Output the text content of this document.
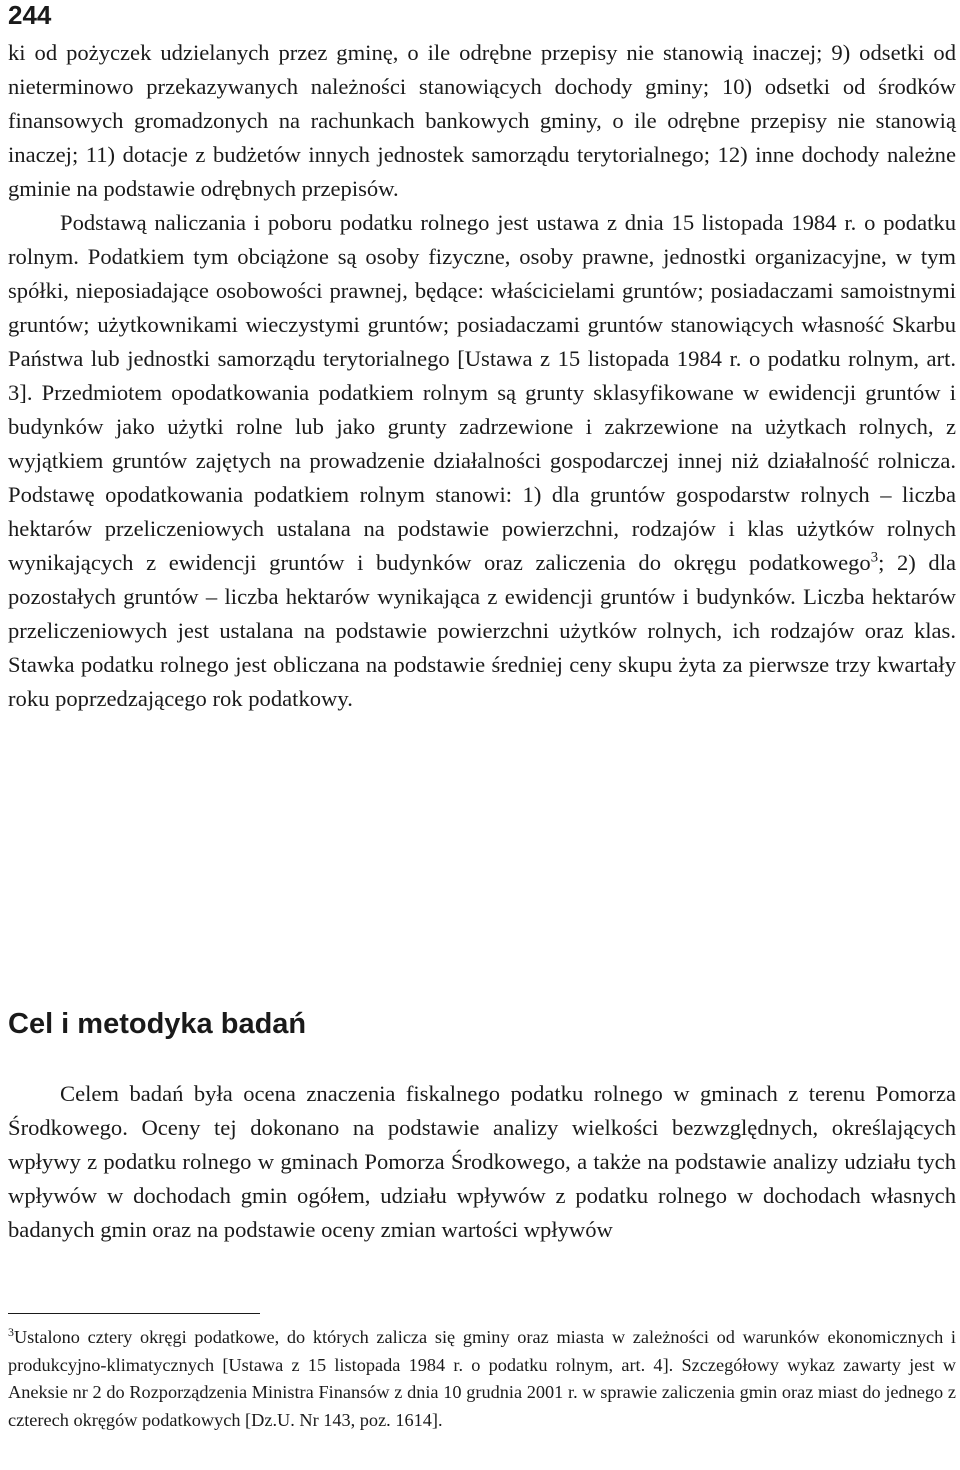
244

ki od pożyczek udzielanych przez gminę, o ile odrębne przepisy nie stanowią inaczej; 9) odsetki od nieterminowo przekazywanych należności stanowiących dochody gminy; 10) odsetki od środków finansowych gromadzonych na rachunkach bankowych gminy, o ile odrębne przepisy nie stanowią inaczej; 11) dotacje z budżetów innych jednostek samorządu terytorialnego; 12) inne dochody należne gminie na podstawie odrębnych przepisów.

Podstawą naliczania i poboru podatku rolnego jest ustawa z dnia 15 listopada 1984 r. o podatku rolnym. Podatkiem tym obciążone są osoby fizyczne, osoby prawne, jednostki organizacyjne, w tym spółki, nieposiadające osobowości prawnej, będące: właścicielami gruntów; posiadaczami samoistnymi gruntów; użytkownikami wieczystymi gruntów; posiadaczami gruntów stanowiących własność Skarbu Państwa lub jednostki samorządu terytorialnego [Ustawa z 15 listopada 1984 r. o podatku rolnym, art. 3]. Przedmiotem opodatkowania podatkiem rolnym są grunty sklasyfikowane w ewidencji gruntów i budynków jako użytki rolne lub jako grunty zadrzewione i zakrzewione na użytkach rolnych, z wyjątkiem gruntów zajętych na prowadzenie działalności gospodarczej innej niż działalność rolnicza. Podstawę opodatkowania podatkiem rolnym stanowi: 1) dla gruntów gospodarstw rolnych – liczba hektarów przeliczeniowych ustalana na podstawie powierzchni, rodzajów i klas użytków rolnych wynikających z ewidencji gruntów i budynków oraz zaliczenia do okręgu podatkowego$^3$; 2) dla pozostałych gruntów – liczba hektarów wynikająca z ewidencji gruntów i budynków. Liczba hektarów przeliczeniowych jest ustalana na podstawie powierzchni użytków rolnych, ich rodzajów oraz klas. Stawka podatku rolnego jest obliczana na podstawie średniej ceny skupu żyta za pierwsze trzy kwartały roku poprzedzającego rok podatkowy.

Cel i metodyka badań

Celem badań była ocena znaczenia fiskalnego podatku rolnego w gminach z terenu Pomorza Środkowego. Oceny tej dokonano na podstawie analizy wielkości bezwzględnych, określających wpływy z podatku rolnego w gminach Pomorza Środkowego, a także na podstawie analizy udziału tych wpływów w dochodach gmin ogółem, udziału wpływów z podatku rolnego w dochodach własnych badanych gmin oraz na podstawie oceny zmian wartości wpływów

$^3$Ustalono cztery okręgi podatkowe, do których zalicza się gminy oraz miasta w zależności od warunków ekonomicznych i produkcyjno-klimatycznych [Ustawa z 15 listopada 1984 r. o podatku rolnym, art. 4]. Szczegółowy wykaz zawarty jest w Aneksie nr 2 do Rozporządzenia Ministra Finansów z dnia 10 grudnia 2001 r. w sprawie zaliczenia gmin oraz miast do jednego z czterech okręgów podatkowych [Dz.U. Nr 143, poz. 1614].
